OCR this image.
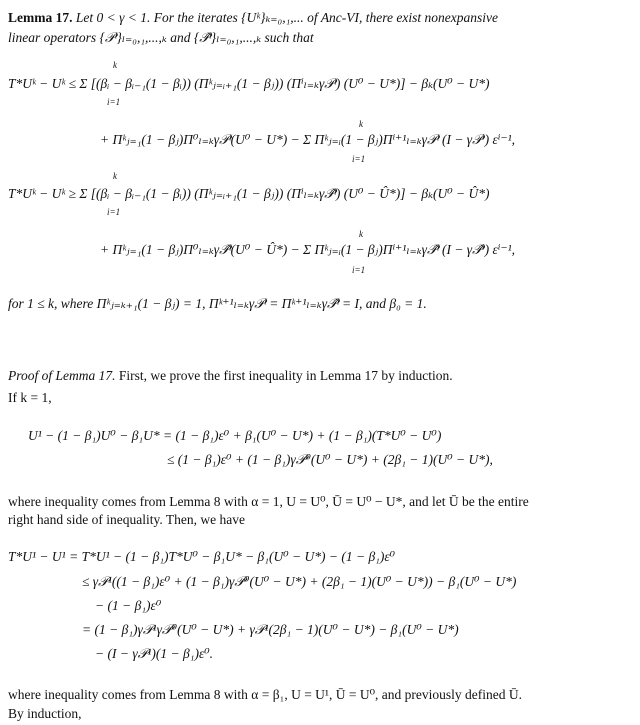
Lemma 17. Let 0 < γ < 1. For the iterates {Uᵏ}ₖ₌₀,₁,... of Anc-VI, there exist nonexpansive
linear operators {𝒫ˡ}ₗ₌₀,₁,...,ₖ and {𝒫̂ˡ}ₗ₌₀,₁,...,ₖ such that
T*Uᵏ − Uᵏ ≤ Σ [(βᵢ − βᵢ₋₁(1 − βᵢ)) (Πᵏⱼ₌ᵢ₊₁(1 − βⱼ)) (Πⁱₗ₌ₖγ𝒫ˡ) (U⁰ − U*)] − βₖ(U⁰ − U*)
k
i=1
+ Πᵏⱼ₌₁(1 − βⱼ)Π⁰ₗ₌ₖγ𝒫ˡ(U⁰ − U*) − Σ Πᵏⱼ₌ᵢ(1 − βⱼ)Πⁱ⁺¹ₗ₌ₖγ𝒫ˡ (I − γ𝒫ⁱ) εⁱ⁻¹,
k
i=1
T*Uᵏ − Uᵏ ≥ Σ [(βᵢ − βᵢ₋₁(1 − βᵢ)) (Πᵏⱼ₌ᵢ₊₁(1 − βⱼ)) (Πⁱₗ₌ₖγ𝒫̂ˡ) (U⁰ − Û*)] − βₖ(U⁰ − Û*)
k
i=1
+ Πᵏⱼ₌₁(1 − βⱼ)Π⁰ₗ₌ₖγ𝒫̂ˡ(U⁰ − Û*) − Σ Πᵏⱼ₌ᵢ(1 − βⱼ)Πⁱ⁺¹ₗ₌ₖγ𝒫̂ˡ (I − γ𝒫̂ⁱ) εⁱ⁻¹,
k
i=1
for 1 ≤ k, where Πᵏⱼ₌ₖ₊₁(1 − βⱼ) = 1, Πᵏ⁺¹ₗ₌ₖγ𝒫ˡ = Πᵏ⁺¹ₗ₌ₖγ𝒫̂ˡ = I, and β₀ = 1.
Proof of Lemma 17. First, we prove the first inequality in Lemma 17 by induction.
If k = 1,
U¹ − (1 − β₁)U⁰ − β₁U* = (1 − β₁)ε⁰ + β₁(U⁰ − U*) + (1 − β₁)(T*U⁰ − U⁰)
≤ (1 − β₁)ε⁰ + (1 − β₁)γ𝒫⁰(U⁰ − U*) + (2β₁ − 1)(U⁰ − U*),
where inequality comes from Lemma 8 with α = 1, U = U⁰, Ū = U⁰ − U*, and let Ū be the entire
right hand side of inequality. Then, we have
T*U¹ − U¹ = T*U¹ − (1 − β₁)T*U⁰ − β₁U* − β₁(U⁰ − U*) − (1 − β₁)ε⁰
≤ γ𝒫¹((1 − β₁)ε⁰ + (1 − β₁)γ𝒫⁰(U⁰ − U*) + (2β₁ − 1)(U⁰ − U*)) − β₁(U⁰ − U*)
− (1 − β₁)ε⁰
= (1 − β₁)γ𝒫¹γ𝒫⁰(U⁰ − U*) + γ𝒫¹(2β₁ − 1)(U⁰ − U*) − β₁(U⁰ − U*)
− (I − γ𝒫¹)(1 − β₁)ε⁰.
where inequality comes from Lemma 8 with α = β₁, U = U¹, Ū = U⁰, and previously defined Ū.
By induction,
